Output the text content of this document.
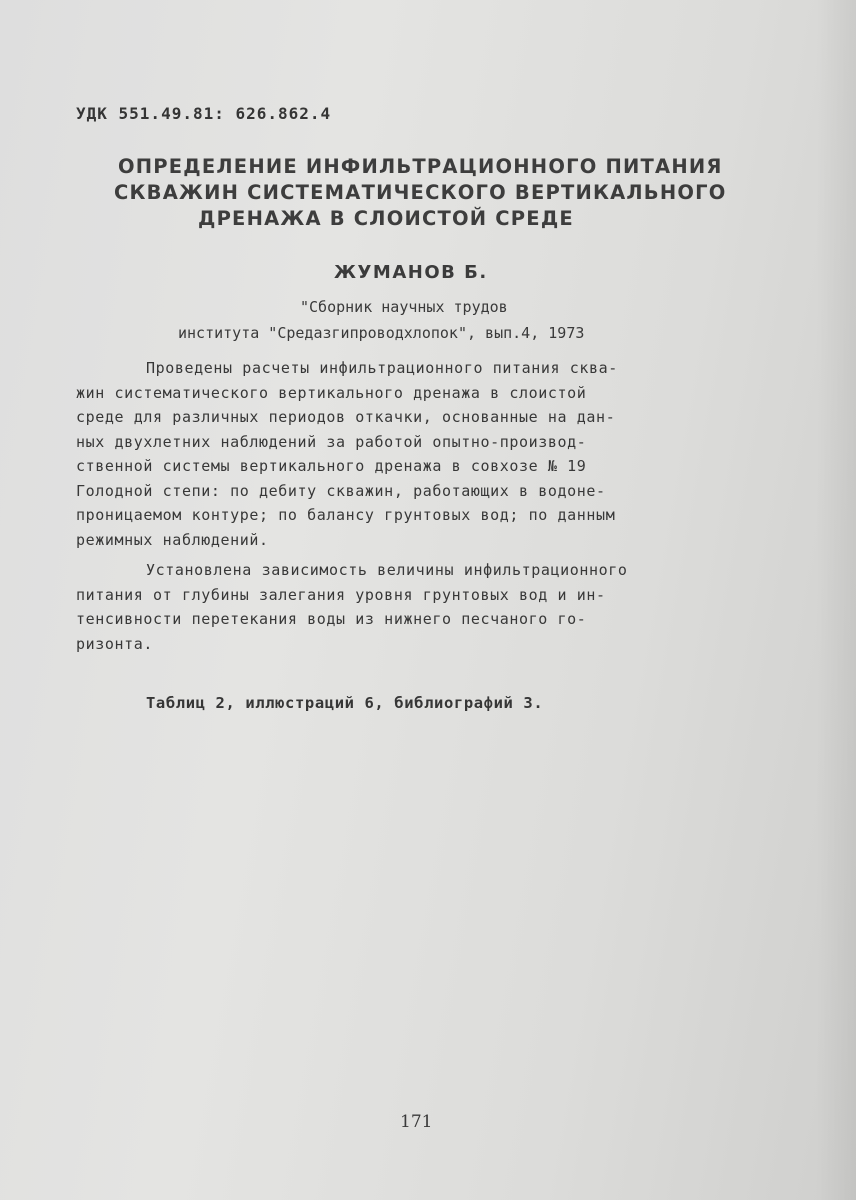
УДК 551.49.81: 626.862.4
ОПРЕДЕЛЕНИЕ ИНФИЛЬТРАЦИОННОГО ПИТАНИЯ
СКВАЖИН СИСТЕМАТИЧЕСКОГО ВЕРТИКАЛЬНОГО
ДРЕНАЖА В СЛОИСТОЙ СРЕДЕ
ЖУМАНОВ Б.
"Сборник научных трудов
института "Средазгипроводхлопок", вып.4, 1973
Проведены расчеты инфильтрационного питания сква-
жин систематического вертикального дренажа в слоистой
среде для различных периодов откачки, основанные на дан-
ных двухлетних наблюдений за работой опытно-производ-
ственной системы вертикального дренажа в совхозе № 19
Голодной степи: по дебиту скважин, работающих в водоне-
проницаемом контуре; по балансу грунтовых вод; по данным
режимных наблюдений.
Установлена зависимость величины инфильтрационного
питания от глубины залегания уровня грунтовых вод и ин-
тенсивности перетекания воды из нижнего песчаного го-
ризонта.
Таблиц 2, иллюстраций 6, библиографий 3.
171
